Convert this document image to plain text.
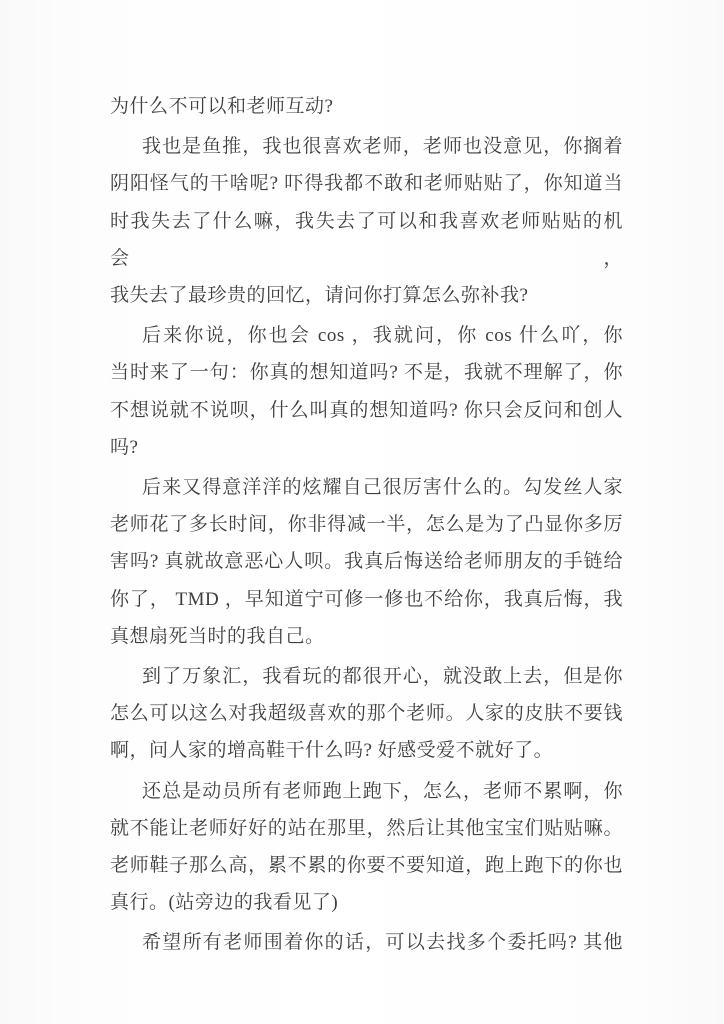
为什么不可以和老师互动?

我也是鱼推，我也很喜欢老师，老师也没意见，你搁着
阴阳怪气的干啥呢? 吓得我都不敢和老师贴贴了，你知道当
时我失去了什么嘛，我失去了可以和我喜欢老师贴贴的机会，
我失去了最珍贵的回忆，请问你打算怎么弥补我?

后来你说，你也会 cos ，我就问，你 cos 什么吖，你
当时来了一句：你真的想知道吗? 不是，我就不理解了，你
不想说就不说呗，什么叫真的想知道吗? 你只会反问和创人
吗?

后来又得意洋洋的炫耀自己很厉害什么的。勾发丝人家
老师花了多长时间，你非得减一半，怎么是为了凸显你多厉
害吗? 真就故意恶心人呗。我真后悔送给老师朋友的手链给
你了， TMD ，早知道宁可修一修也不给你，我真后悔，我
真想扇死当时的我自己。

到了万象汇，我看玩的都很开心，就没敢上去，但是你
怎么可以这么对我超级喜欢的那个老师。人家的皮肤不要钱
啊，问人家的增高鞋干什么吗? 好感受爱不就好了。

还总是动员所有老师跑上跑下，怎么，老师不累啊，你
就不能让老师好好的站在那里，然后让其他宝宝们贴贴嘛。
老师鞋子那么高，累不累的你要不要知道，跑上跑下的你也
真行。(站旁边的我看见了)

希望所有老师围着你的话，可以去找多个委托吗? 其他
